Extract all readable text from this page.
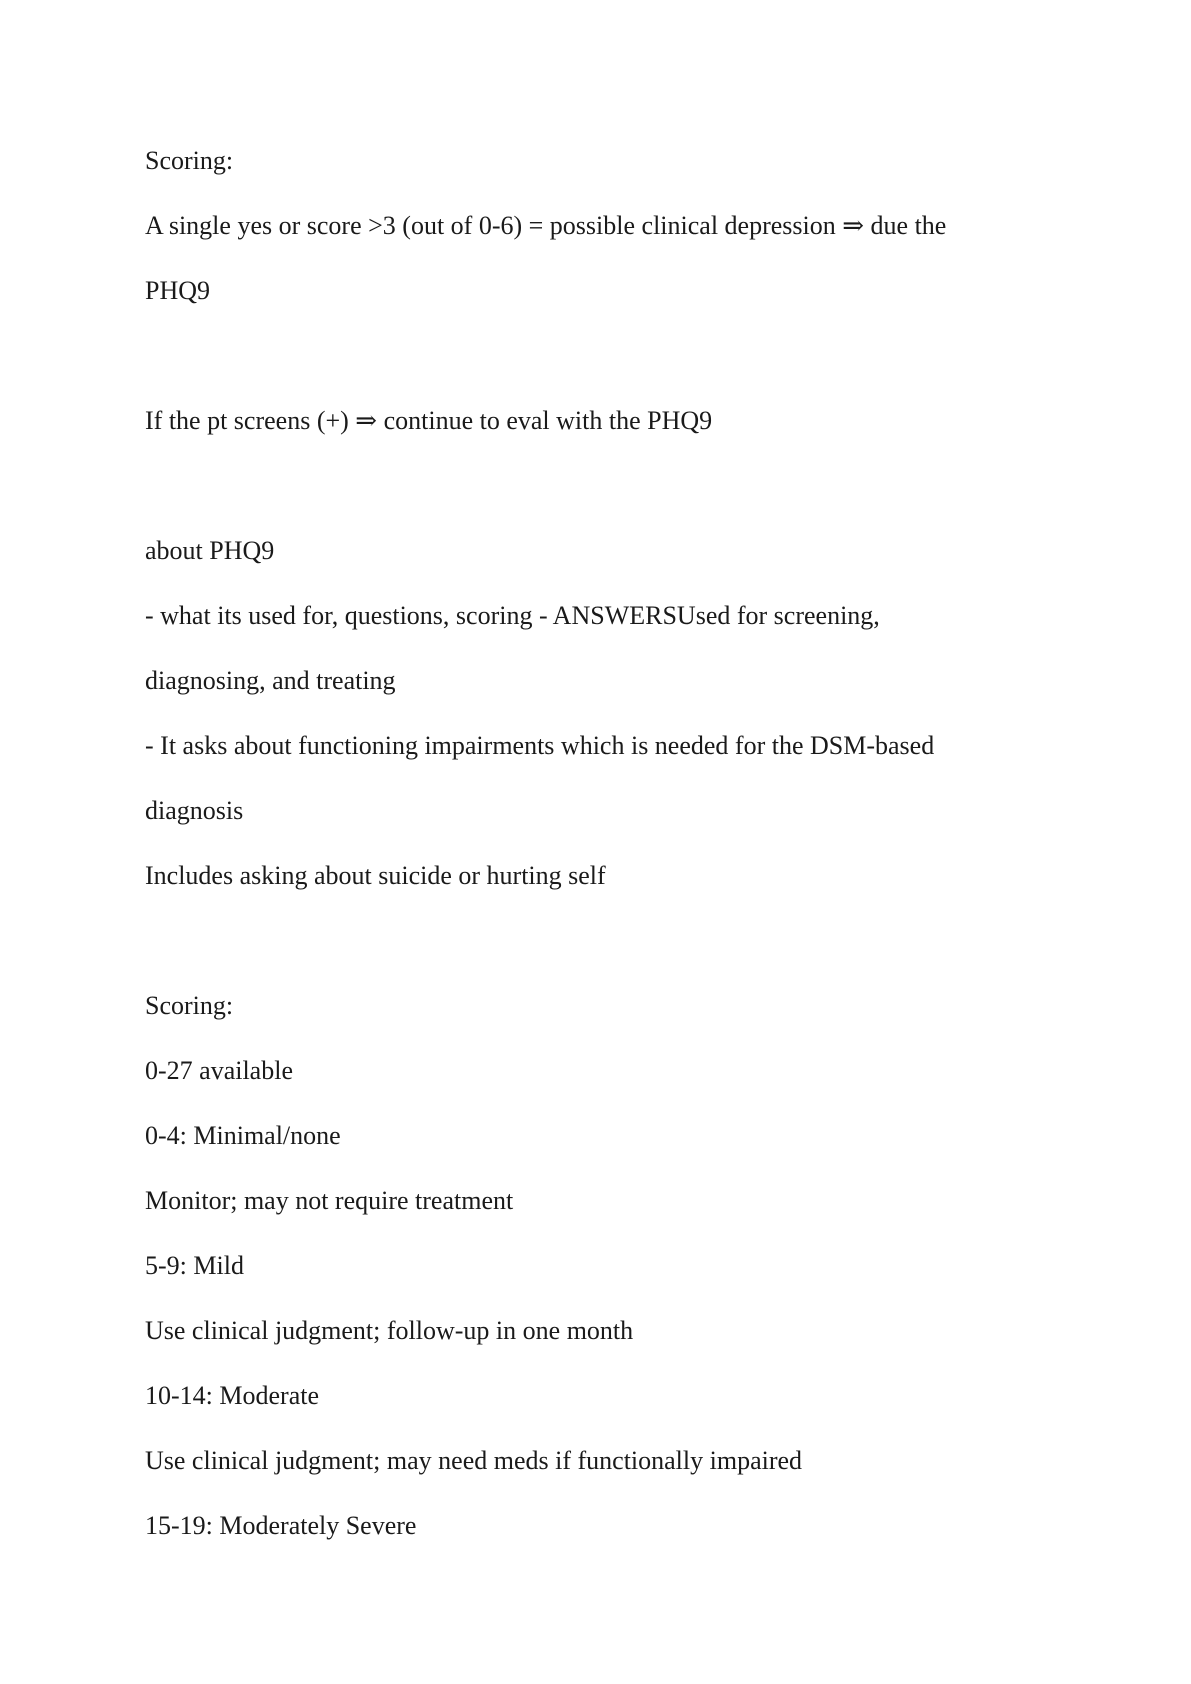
Scoring:

A single yes or score >3 (out of 0-6) = possible clinical depression ⇒ due the

PHQ9

If the pt screens (+) ⇒ continue to eval with the PHQ9

about PHQ9

- what its used for, questions, scoring - ANSWERSUsed for screening,

diagnosing, and treating

- It asks about functioning impairments which is needed for the DSM-based

diagnosis

Includes asking about suicide or hurting self

Scoring:

0-27 available

0-4: Minimal/none

Monitor; may not require treatment

5-9: Mild

Use clinical judgment; follow-up in one month

10-14: Moderate

Use clinical judgment; may need meds if functionally impaired

15-19: Moderately Severe
